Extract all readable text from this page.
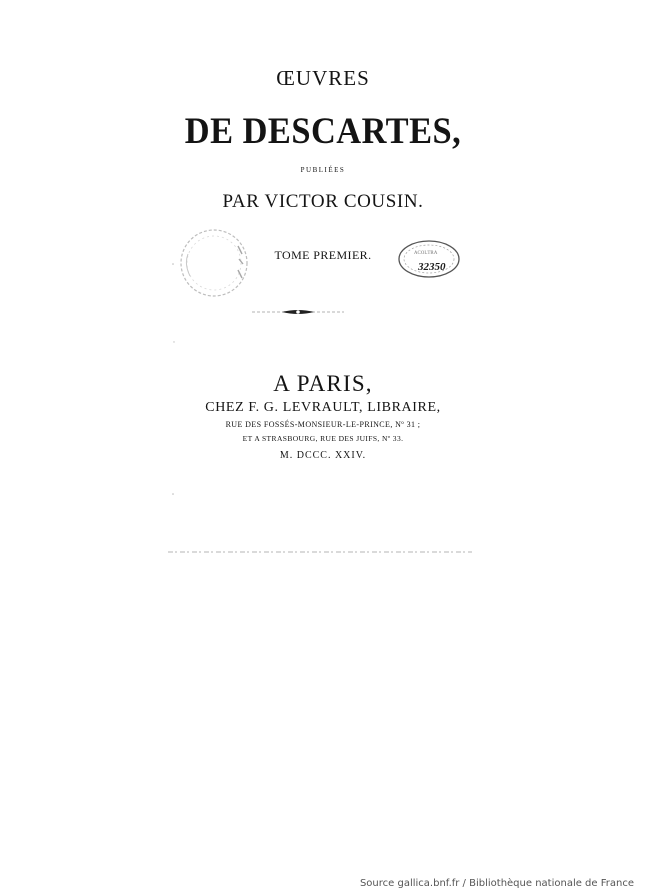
ŒUVRES
DE DESCARTES,
PUBLIÉES
PAR VICTOR COUSIN.
TOME PREMIER.	ᴀᴄᴏʟᴛʀᴀ
32350
A PARIS,
CHEZ F. G. LEVRAULT, LIBRAIRE,
RUE DES FOSSÉS-MONSIEUR-LE-PRINCE, Nº 31 ;
ET A STRASBOURG, RUE DES JUIFS, Nº 33.
M. DCCC. XXIV.
Source gallica.bnf.fr / Bibliothèque nationale de France
